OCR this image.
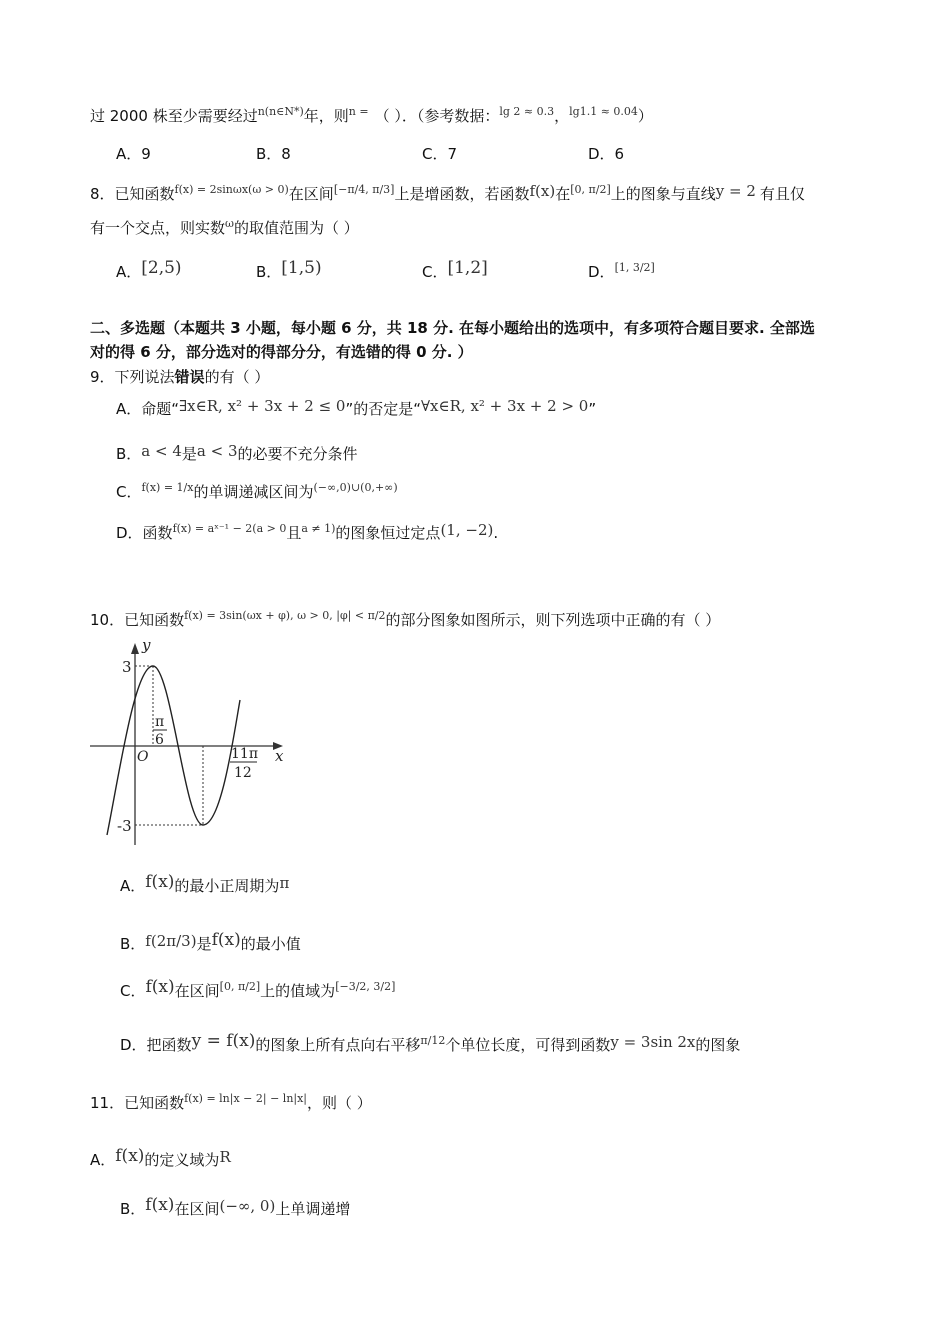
过 2000 株至少需要经过$^{n(n\in N*)}$年，则$^{n =}$ （ ）．（参考数据：$^{lg 2 \approx 0.3}$，$^{lg1.1 \approx 0.04}$）
A．9	B．8	C．7	D．6
8．已知函数$^{f(x) = 2sin\omega x(\omega > 0)}$在区间[−π/4, π/3]上是增函数，若函数f(x)在[0, π/2]上的图象与直线y = 2 有且仅
有一个交点，则实数$^\omega$的取值范围为（ ）
A．[2,5)	B．[1,5)	C．[1,2]	D．[1, 3/2]
二、多选题（本题共 3 小题，每小题 6 分，共 18 分. 在每小题给出的选项中，有多项符合题目要求. 全部选
对的得 6 分，部分选对的得部分分，有选错的得 0 分. ）
9．下列说法错误的有（ ）
A．命题“∃x∈R, x² + 3x + 2 ≤ 0”的否定是“∀x∈R, x² + 3x + 2 > 0”
B．a < 4是a < 3的必要不充分条件
C．$^{f(x) = 1/x}$的单调递减区间为$^{(-\infty,0)\cup(0,+\infty)}$
D．函数$^{f(x) = aˣ^{-1} - 2(a > 0}$且$^{a \ne 1)}$的图象恒过定点(1, −2).
10．已知函数$^{f(x) = 3sin(\omega x + \varphi), \omega > 0, |\varphi| < \pi/2}$的部分图象如图所示，则下列选项中正确的有（ ）
y
x
O
3
-3
π
6
11π
12
A．f(x)的最小正周期为π
B．f(2π/3)是f(x)的最小值
C．f(x)在区间[0, π/2]上的值域为[−3/2, 3/2]
D．把函数y = f(x)的图象上所有点向右平移$^{\pi/12}$个单位长度，可得到函数y = 3sin 2x的图象
11．已知函数$^{f(x) = ln|x - 2| - ln|x|}$，则（ ）
A．f(x)的定义域为R
B．f(x)在区间(−∞, 0)上单调递增
